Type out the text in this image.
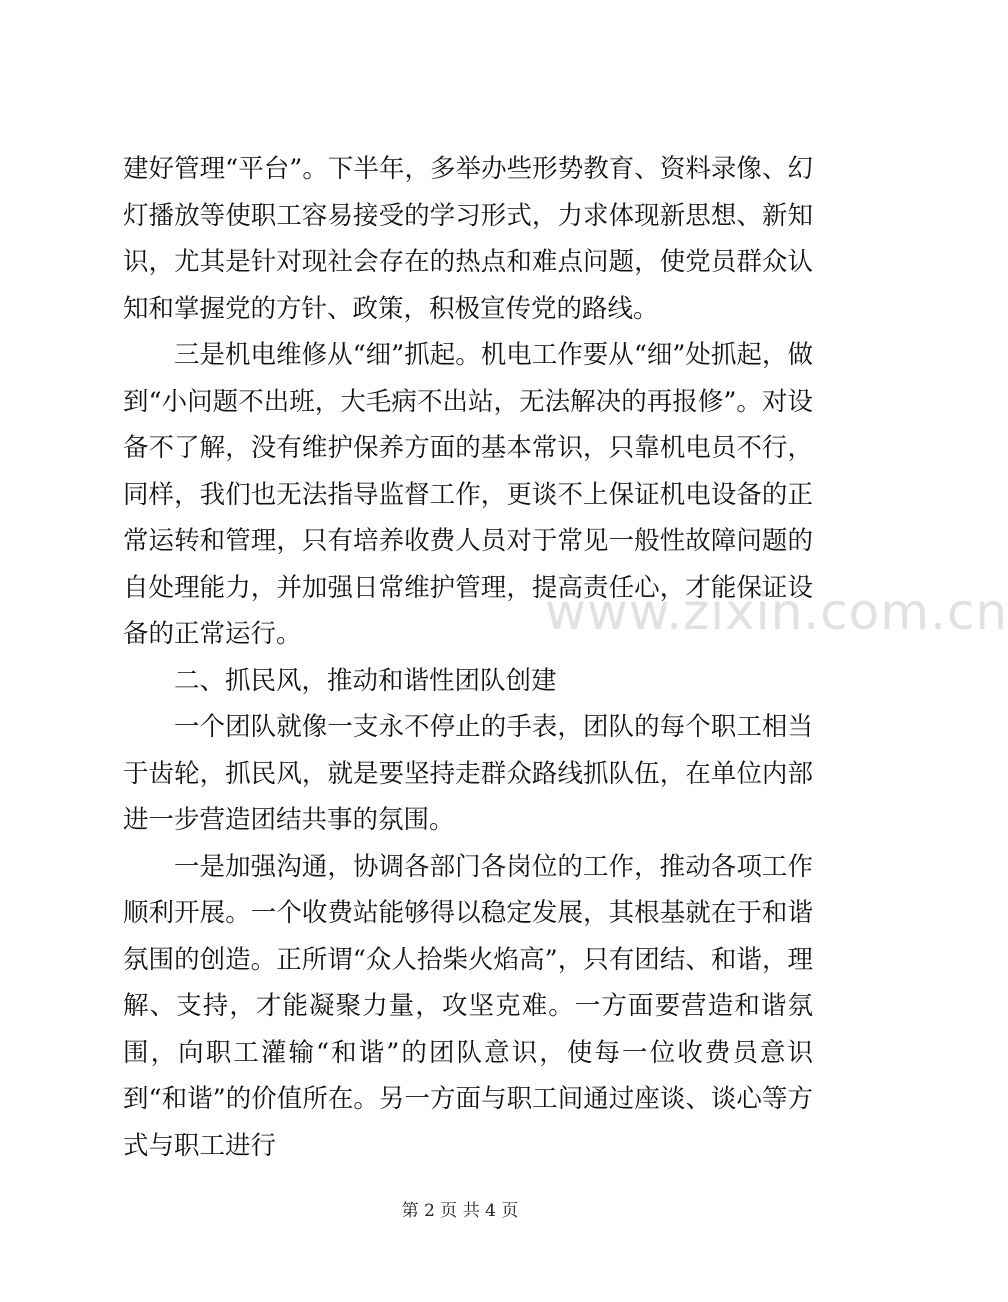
建好管理“平台”。下半年，多举办些形势教育、资料录像、幻灯播放等使职工容易接受的学习形式，力求体现新思想、新知识，尤其是针对现社会存在的热点和难点问题，使党员群众认知和掌握党的方针、政策，积极宣传党的路线。

三是机电维修从“细”抓起。机电工作要从“细”处抓起，做到“小问题不出班，大毛病不出站，无法解决的再报修”。对设备不了解，没有维护保养方面的基本常识，只靠机电员不行，同样，我们也无法指导监督工作，更谈不上保证机电设备的正常运转和管理，只有培养收费人员对于常见一般性故障问题的自处理能力，并加强日常维护管理，提高责任心，才能保证设备的正常运行。

二、抓民风，推动和谐性团队创建

一个团队就像一支永不停止的手表，团队的每个职工相当于齿轮，抓民风，就是要坚持走群众路线抓队伍，在单位内部进一步营造团结共事的氛围。

一是加强沟通，协调各部门各岗位的工作，推动各项工作顺利开展。一个收费站能够得以稳定发展，其根基就在于和谐氛围的创造。正所谓“众人拾柴火焰高”，只有团结、和谐，理解、支持，才能凝聚力量，攻坚克难。一方面要营造和谐氛围，向职工灌输“和谐”的团队意识，使每一位收费员意识到“和谐”的价值所在。另一方面与职工间通过座谈、谈心等方式与职工进行

www.zixin.com.cn
第 2 页 共 4 页
